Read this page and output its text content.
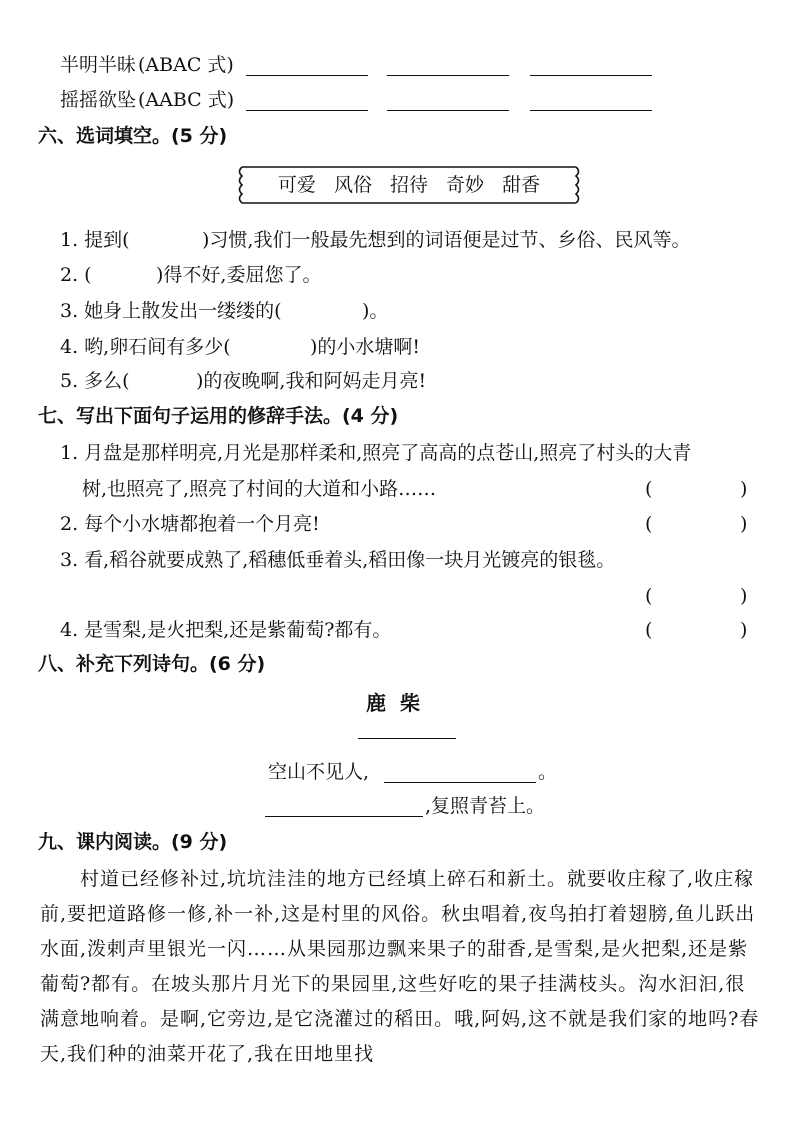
半明半昧 (ABAC 式)
摇摇欲坠 (AABC 式)
六、选词填空。(5 分)
可爱 风俗 招待 奇妙 甜香
1. 提到(	)习惯,我们一般最先想到的词语便是过节、乡俗、民风等。
2. (	)得不好,委屈您了。
3. 她身上散发出一缕缕的(	)。
4. 哟,卵石间有多少(	)的小水塘啊!
5. 多么(	)的夜晚啊,我和阿妈走月亮!
七、写出下面句子运用的修辞手法。(4 分)
1. 月盘是那样明亮,月光是那样柔和,照亮了高高的点苍山,照亮了村头的大青
树,也照亮了,照亮了村间的大道和小路……	(	)
2. 每个小水塘都抱着一个月亮!	(	)
3. 看,稻谷就要成熟了,稻穗低垂着头,稻田像一块月光镀亮的银毯。
(	)
4. 是雪梨,是火把梨,还是紫葡萄?都有。	(	)
八、补充下列诗句。(6 分)
鹿柴
空山不见人,	。
,复照青苔上。
九、课内阅读。(9 分)
村道已经修补过,坑坑洼洼的地方已经填上碎石和新土。就要收庄稼了,收庄稼前,要把道路修一修,补一补,这是村里的风俗。秋虫唱着,夜鸟拍打着翅膀,鱼儿跃出水面,泼剌声里银光一闪……从果园那边飘来果子的甜香,是雪梨,是火把梨,还是紫葡萄?都有。在坡头那片月光下的果园里,这些好吃的果子挂满枝头。沟水汩汩,很满意地响着。是啊,它旁边,是它浇灌过的稻田。哦,阿妈,这不就是我们家的地吗?春天,我们种的油菜开花了,我在田地里找
